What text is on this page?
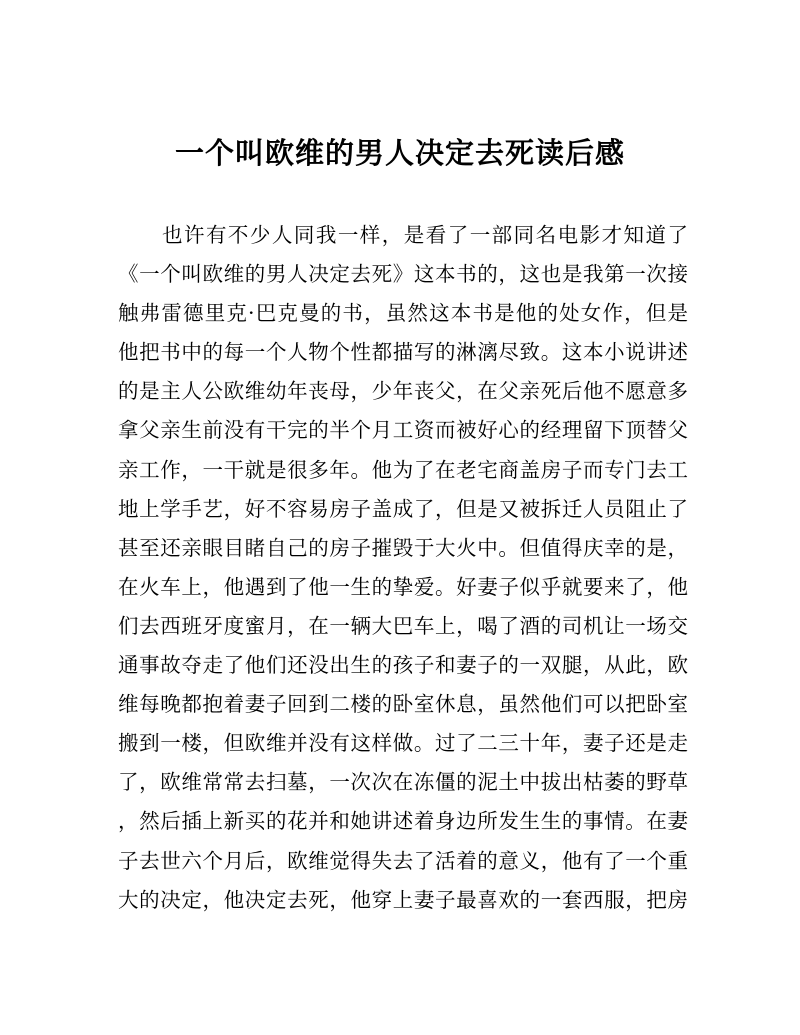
一个叫欧维的男人决定去死读后感
也许有不少人同我一样，是看了一部同名电影才知道了
《一个叫欧维的男人决定去死》这本书的，这也是我第一次接
触弗雷德里克·巴克曼的书，虽然这本书是他的处女作，但是
他把书中的每一个人物个性都描写的淋漓尽致。这本小说讲述
的是主人公欧维幼年丧母，少年丧父，在父亲死后他不愿意多
拿父亲生前没有干完的半个月工资而被好心的经理留下顶替父
亲工作，一干就是很多年。他为了在老宅商盖房子而专门去工
地上学手艺，好不容易房子盖成了，但是又被拆迁人员阻止了
甚至还亲眼目睹自己的房子摧毁于大火中。但值得庆幸的是，
在火车上，他遇到了他一生的挚爱。好妻子似乎就要来了，他
们去西班牙度蜜月，在一辆大巴车上，喝了酒的司机让一场交
通事故夺走了他们还没出生的孩子和妻子的一双腿，从此，欧
维每晚都抱着妻子回到二楼的卧室休息，虽然他们可以把卧室
搬到一楼，但欧维并没有这样做。过了二三十年，妻子还是走
了，欧维常常去扫墓，一次次在冻僵的泥土中拔出枯萎的野草
，然后插上新买的花并和她讲述着身边所发生生的事情。在妻
子去世六个月后，欧维觉得失去了活着的意义，他有了一个重
大的决定，他决定去死，他穿上妻子最喜欢的一套西服，把房
